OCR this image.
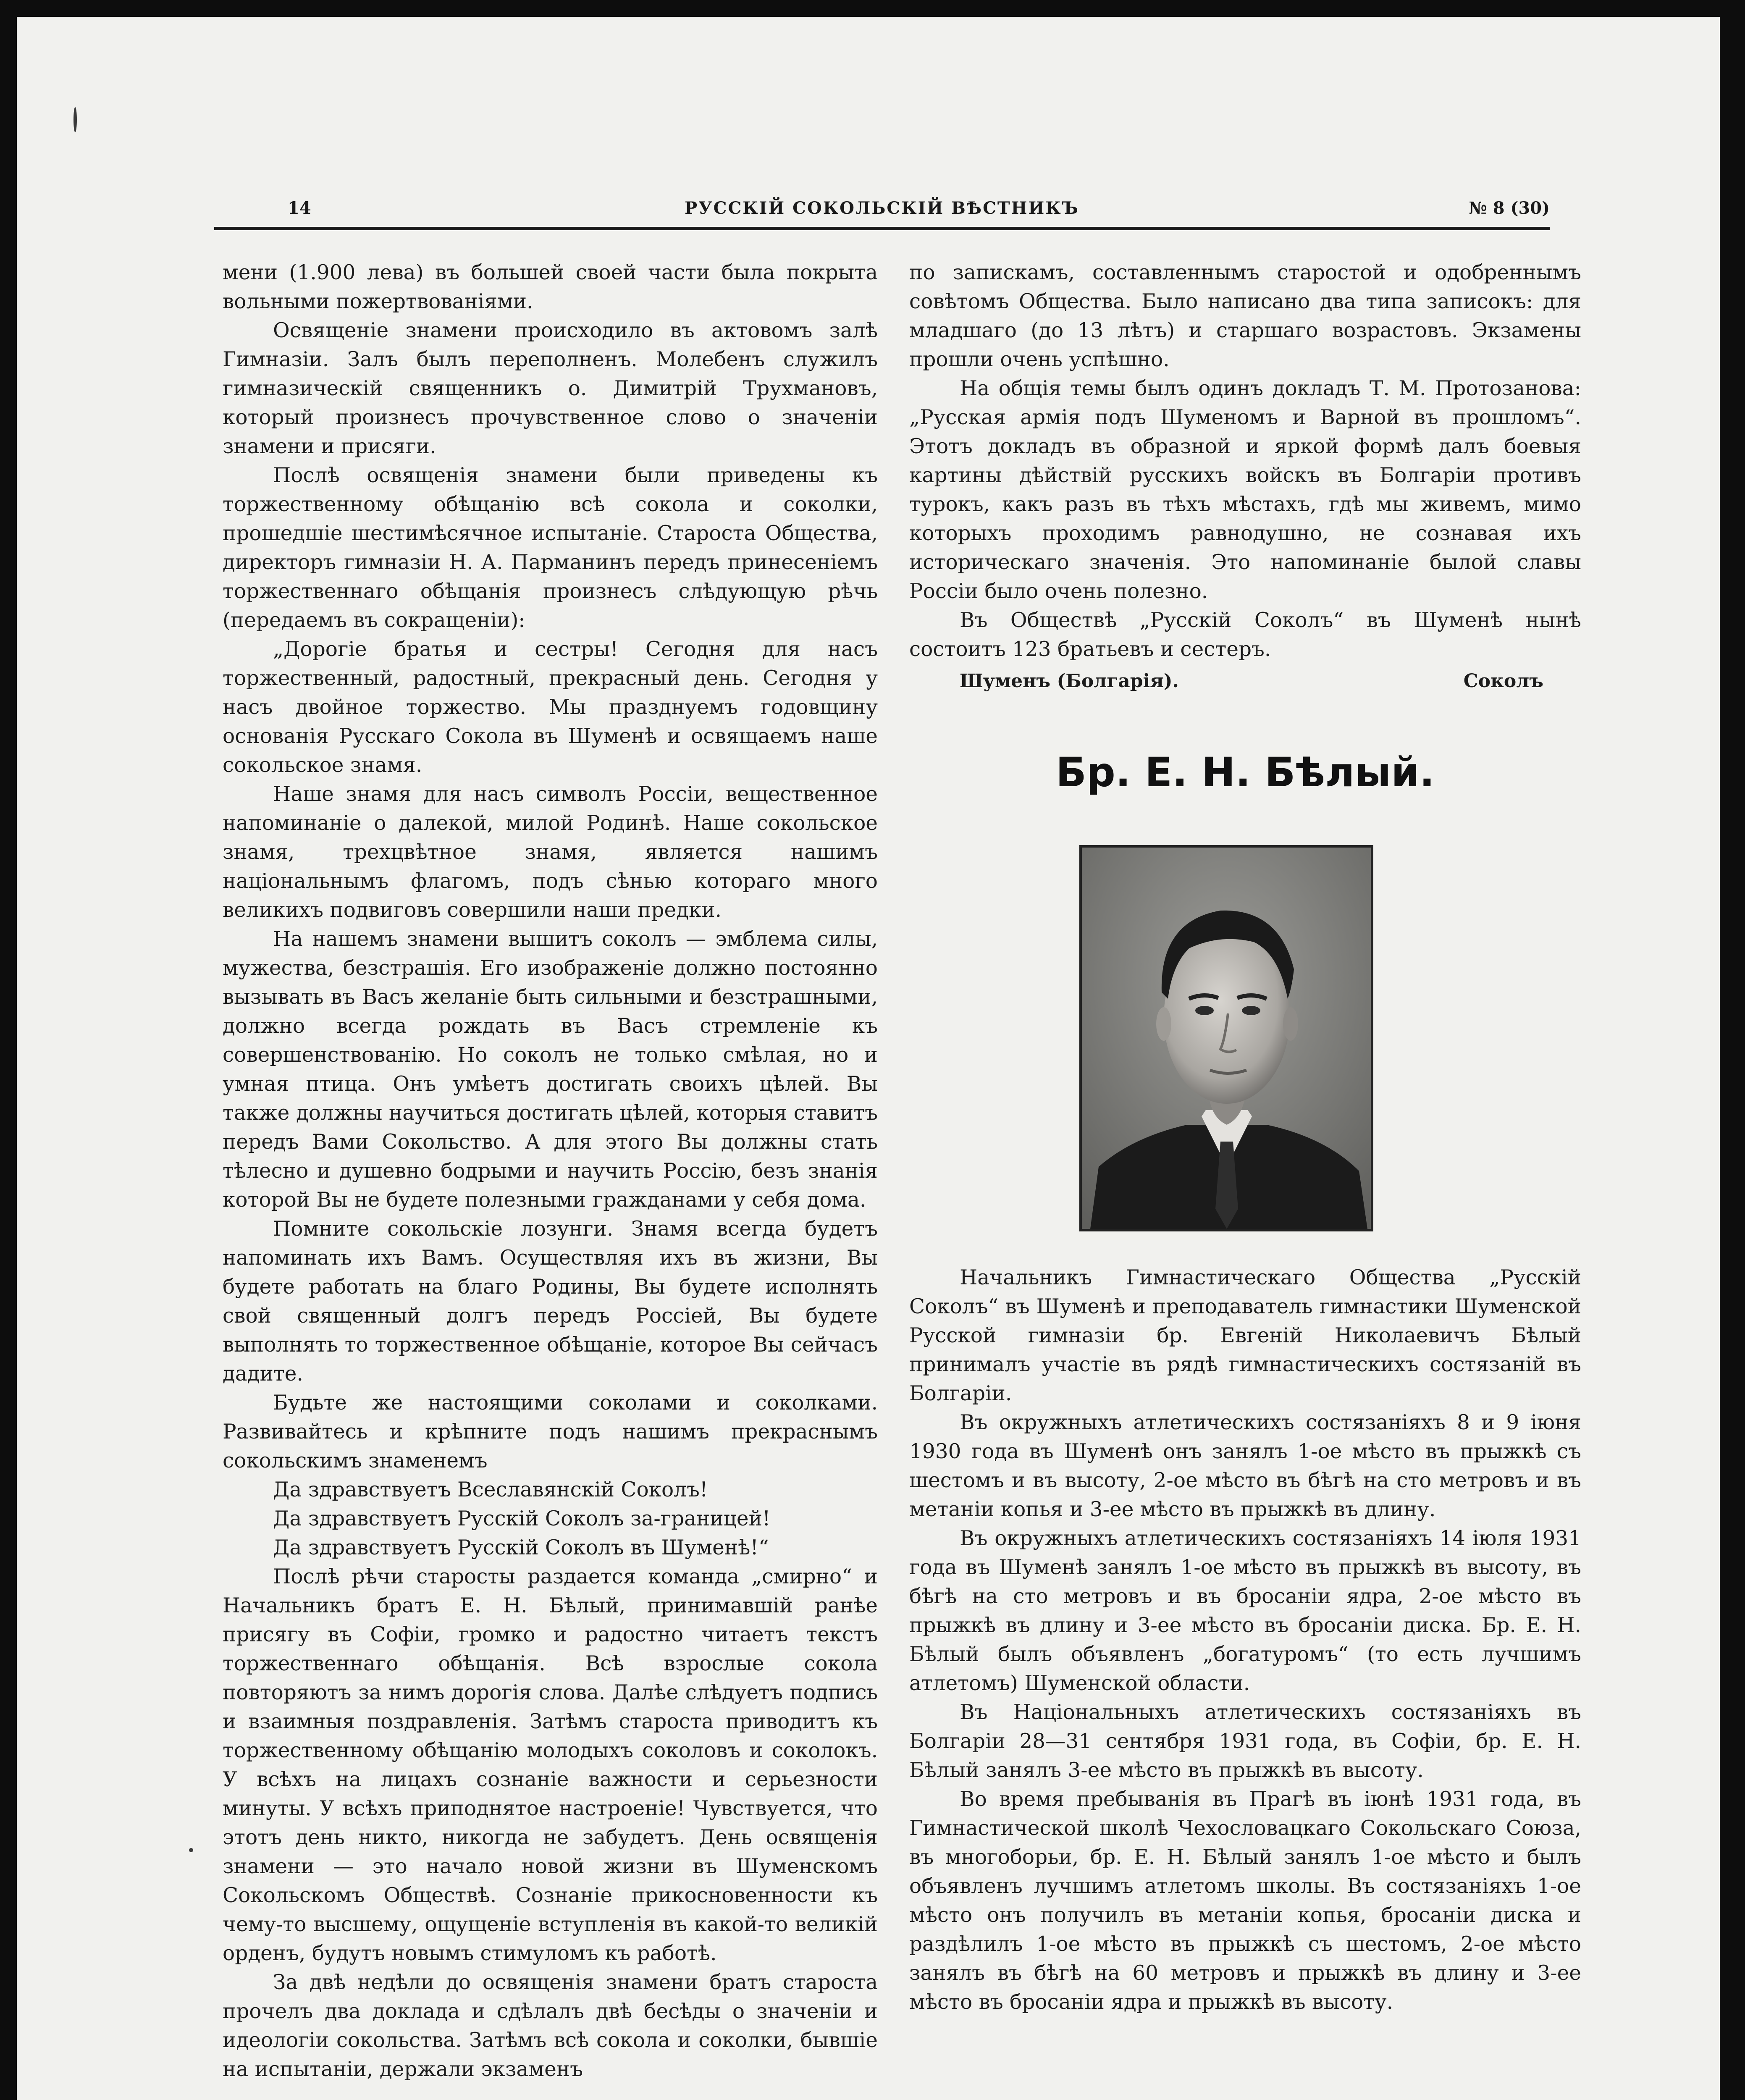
14	РУССКІЙ СОКОЛЬСКІЙ ВѢСТНИКЪ	№ 8 (30)

мени (1.900 лева) въ большей своей части была покрыта вольными пожертвованіями.

Освященіе знамени происходило въ актовомъ залѣ Гимназіи. Залъ былъ переполненъ. Молебенъ служилъ гимназическій священникъ о. Димитрій Трухмановъ, который произнесъ прочувственное слово о значеніи знамени и присяги.

Послѣ освященія знамени были приведены къ торжественному обѣщанію всѣ сокола и соколки, прошедшіе шестимѣсячное испытаніе. Староста Общества, директоръ гимназіи Н. А. Парманинъ передъ принесеніемъ торжественнаго обѣщанія произнесъ слѣдующую рѣчь (передаемъ въ сокращеніи):

„Дорогіе братья и сестры! Сегодня для насъ торжественный, радостный, прекрасный день. Сегодня у насъ двойное торжество. Мы празднуемъ годовщину основанія Русскаго Сокола въ Шуменѣ и освящаемъ наше сокольское знамя.

Наше знамя для насъ символъ Россіи, вещественное напоминаніе о далекой, милой Родинѣ. Наше сокольское знамя, трехцвѣтное знамя, является нашимъ національнымъ флагомъ, подъ сѣнью котораго много великихъ подвиговъ совершили наши предки.

На нашемъ знамени вышитъ соколъ — эмблема силы, мужества, безстрашія. Его изображеніе должно постоянно вызывать въ Васъ желаніе быть сильными и безстрашными, должно всегда рождать въ Васъ стремленіе къ совершенствованію. Но соколъ не только смѣлая, но и умная птица. Онъ умѣетъ достигать своихъ цѣлей. Вы также должны научиться достигать цѣлей, которыя ставитъ передъ Вами Сокольство. А для этого Вы должны стать тѣлесно и душевно бодрыми и научить Россію, безъ знанія которой Вы не будете полезными гражданами у себя дома.

Помните сокольскіе лозунги. Знамя всегда будетъ напоминать ихъ Вамъ. Осуществляя ихъ въ жизни, Вы будете работать на благо Родины, Вы будете исполнять свой священный долгъ передъ Россіей, Вы будете выполнять то торжественное обѣщаніе, которое Вы сейчасъ дадите.

Будьте же настоящими соколами и соколками. Развивайтесь и крѣпните подъ нашимъ прекраснымъ сокольскимъ знаменемъ

Да здравствуетъ Всеславянскій Соколъ!

Да здравствуетъ Русскій Соколъ за-границей!

Да здравствуетъ Русскій Соколъ въ Шуменѣ!“

Послѣ рѣчи старосты раздается команда „смирно“ и Начальникъ братъ Е. Н. Бѣлый, принимавшій ранѣе присягу въ Софіи, громко и радостно читаетъ текстъ торжественнаго обѣщанія. Всѣ взрослые сокола повторяютъ за нимъ дорогія слова. Далѣе слѣдуетъ подпись и взаимныя поздравленія. Затѣмъ староста приводитъ къ торжественному обѣщанію молодыхъ соколовъ и соколокъ. У всѣхъ на лицахъ сознаніе важности и серьезности минуты. У всѣхъ приподнятое настроеніе! Чувствуется, что этотъ день никто, никогда не забудетъ. День освященія знамени — это начало новой жизни въ Шуменскомъ Сокольскомъ Обществѣ. Сознаніе прикосновенности къ чему-то высшему, ощущеніе вступленія въ какой-то великій орденъ, будутъ новымъ стимуломъ къ работѣ.

За двѣ недѣли до освященія знамени братъ староста прочелъ два доклада и сдѣлалъ двѣ бесѣды о значеніи и идеологіи сокольства. Затѣмъ всѣ сокола и соколки, бывшіе на испытаніи, держали экзаменъ

по запискамъ, составленнымъ старостой и одобреннымъ совѣтомъ Общества. Было написано два типа записокъ: для младшаго (до 13 лѣтъ) и старшаго возрастовъ. Экзамены прошли очень успѣшно.

На общія темы былъ одинъ докладъ Т. М. Протозанова: „Русская армія подъ Шуменомъ и Варной въ прошломъ“. Этотъ докладъ въ образной и яркой формѣ далъ боевыя картины дѣйствій русскихъ войскъ въ Болгаріи противъ турокъ, какъ разъ въ тѣхъ мѣстахъ, гдѣ мы живемъ, мимо которыхъ проходимъ равнодушно, не сознавая ихъ историческаго значенія. Это напоминаніе былой славы Россіи было очень полезно.

Въ Обществѣ „Русскій Соколъ“ въ Шуменѣ нынѣ состоитъ 123 братьевъ и сестеръ.

Шуменъ (Болгарія).	Соколъ
Бр. Е. Н. Бѣлый.

Начальникъ Гимнастическаго Общества „Русскій Соколъ“ въ Шуменѣ и преподаватель гимнастики Шуменской Русской гимназіи бр. Евгеній Николаевичъ Бѣлый принималъ участіе въ рядѣ гимнастическихъ состязаній въ Болгаріи.

Въ окружныхъ атлетическихъ состязаніяхъ 8 и 9 іюня 1930 года въ Шуменѣ онъ занялъ 1-ое мѣсто въ прыжкѣ съ шестомъ и въ высоту, 2-ое мѣсто въ бѣгѣ на сто метровъ и въ метаніи копья и 3-ее мѣсто въ прыжкѣ въ длину.

Въ окружныхъ атлетическихъ состязаніяхъ 14 іюля 1931 года въ Шуменѣ занялъ 1-ое мѣсто въ прыжкѣ въ высоту, въ бѣгѣ на сто метровъ и въ бросаніи ядра, 2-ое мѣсто въ прыжкѣ въ длину и 3-ее мѣсто въ бросаніи диска. Бр. Е. Н. Бѣлый былъ объявленъ „богатуромъ“ (то есть лучшимъ атлетомъ) Шуменской области.

Въ Національныхъ атлетическихъ состязаніяхъ въ Болгаріи 28—31 сентября 1931 года, въ Софіи, бр. Е. Н. Бѣлый занялъ 3-ее мѣсто въ прыжкѣ въ высоту.

Во время пребыванія въ Прагѣ въ іюнѣ 1931 года, въ Гимнастической школѣ Чехословацкаго Сокольскаго Союза, въ многоборьи, бр. Е. Н. Бѣлый занялъ 1-ое мѣсто и былъ объявленъ лучшимъ атлетомъ школы. Въ состязаніяхъ 1-ое мѣсто онъ получилъ въ метаніи копья, бросаніи диска и раздѣлилъ 1-ое мѣсто въ прыжкѣ съ шестомъ, 2-ое мѣсто занялъ въ бѣгѣ на 60 метровъ и прыжкѣ въ длину и 3-ее мѣсто въ бросаніи ядра и прыжкѣ въ высоту.
